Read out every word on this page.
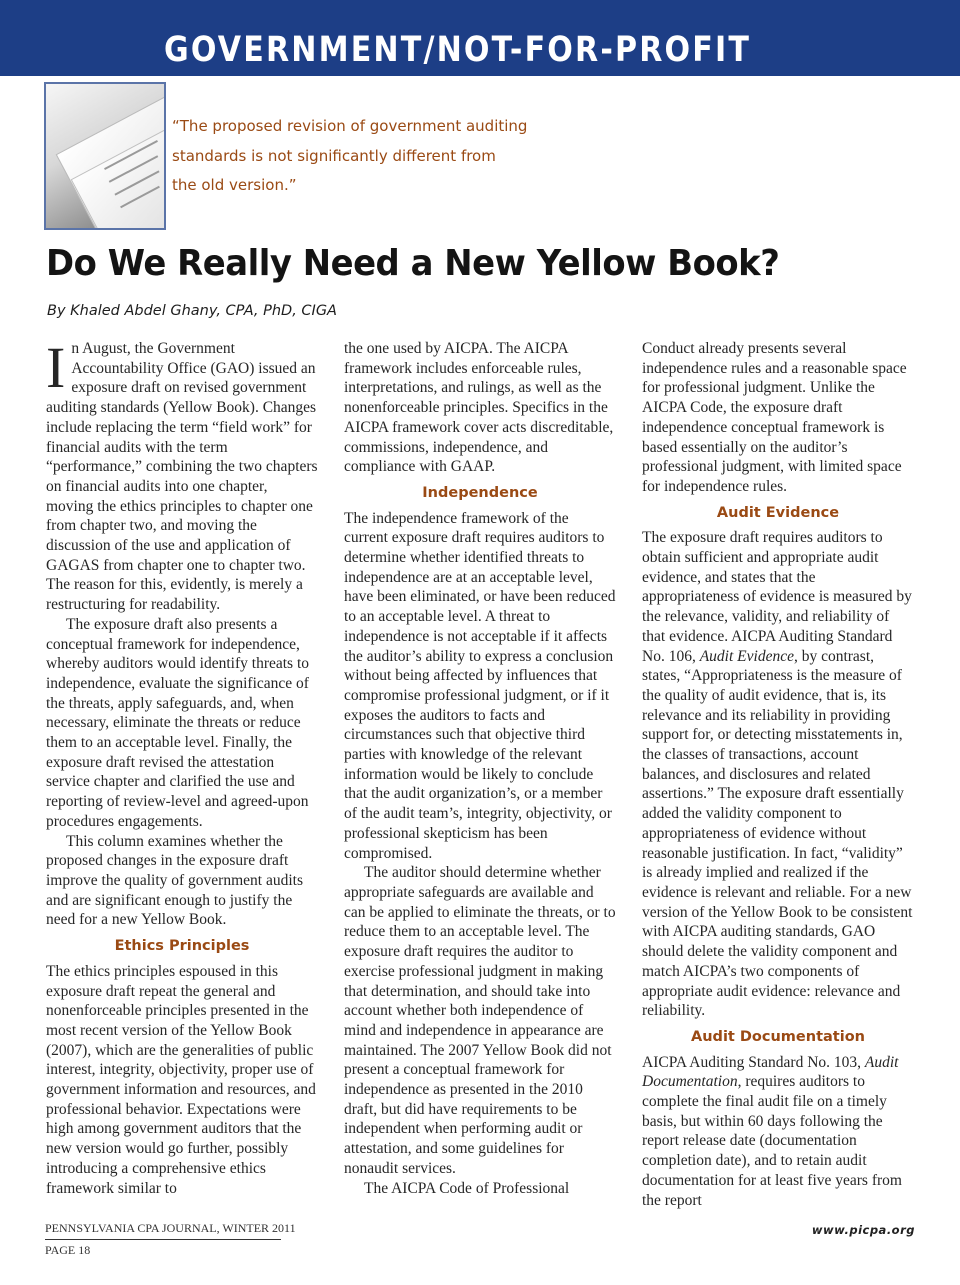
GOVERNMENT/NOT-FOR-PROFIT
“The proposed revision of government auditing
standards is not significantly different from
the old version.”
Do We Really Need a New Yellow Book?
By Khaled Abdel Ghany, CPA, PhD, CIGA

In August, the Government Accountability Office (GAO) issued an exposure draft on revised government auditing standards (Yellow Book). Changes include replacing the term “field work” for financial audits with the term “performance,” combining the two chapters on financial audits into one chapter, moving the ethics principles to chapter one from chapter two, and moving the discussion of the use and application of GAGAS from chapter one to chapter two. The reason for this, evidently, is merely a restructuring for readability.

The exposure draft also presents a conceptual framework for independence, whereby auditors would identify threats to independence, evaluate the significance of the threats, apply safeguards, and, when necessary, eliminate the threats or reduce them to an acceptable level. Finally, the exposure draft revised the attestation service chapter and clarified the use and reporting of review-level and agreed-upon procedures engagements.

This column examines whether the proposed changes in the exposure draft improve the quality of government audits and are significant enough to justify the need for a new Yellow Book.

Ethics Principles

The ethics principles espoused in this exposure draft repeat the general and nonenforceable principles presented in the most recent version of the Yellow Book (2007), which are the generalities of public interest, integrity, objectivity, proper use of government information and resources, and professional behavior. Expectations were high among government auditors that the new version would go further, possibly introducing a comprehensive ethics framework similar to

the one used by AICPA. The AICPA framework includes enforceable rules, interpretations, and rulings, as well as the nonenforceable principles. Specifics in the AICPA framework cover acts discreditable, commissions, independence, and compliance with GAAP.

Independence

The independence framework of the current exposure draft requires auditors to determine whether identified threats to independence are at an acceptable level, have been eliminated, or have been reduced to an acceptable level. A threat to independence is not acceptable if it affects the auditor’s ability to express a conclusion without being affected by influences that compromise professional judgment, or if it exposes the auditors to facts and circumstances such that objective third parties with knowledge of the relevant information would be likely to conclude that the audit organization’s, or a member of the audit team’s, integrity, objectivity, or professional skepticism has been compromised.

The auditor should determine whether appropriate safeguards are available and can be applied to eliminate the threats, or to reduce them to an acceptable level. The exposure draft requires the auditor to exercise professional judgment in making that determination, and should take into account whether both independence of mind and independence in appearance are maintained. The 2007 Yellow Book did not present a conceptual framework for independence as presented in the 2010 draft, but did have requirements to be independent when performing audit or attestation, and some guidelines for nonaudit services.

The AICPA Code of Professional

Conduct already presents several independence rules and a reasonable space for professional judgment. Unlike the AICPA Code, the exposure draft independence conceptual framework is based essentially on the auditor’s professional judgment, with limited space for independence rules.

Audit Evidence

The exposure draft requires auditors to obtain sufficient and appropriate audit evidence, and states that the appropriateness of evidence is measured by the relevance, validity, and reliability of that evidence. AICPA Auditing Standard No. 106, Audit Evidence, by contrast, states, “Appropriateness is the measure of the quality of audit evidence, that is, its relevance and its reliability in providing support for, or detecting misstatements in, the classes of transactions, account balances, and disclosures and related assertions.” The exposure draft essentially added the validity component to appropriateness of evidence without reasonable justification. In fact, “validity” is already implied and realized if the evidence is relevant and reliable. For a new version of the Yellow Book to be consistent with AICPA auditing standards, GAO should delete the validity component and match AICPA’s two components of appropriate audit evidence: relevance and reliability.

Audit Documentation

AICPA Auditing Standard No. 103, Audit Documentation, requires auditors to complete the final audit file on a timely basis, but within 60 days following the report release date (documentation completion date), and to retain audit documentation for at least five years from the report

PENNSYLVANIA CPA JOURNAL, WINTER 2011
PAGE 18
www.picpa.org
